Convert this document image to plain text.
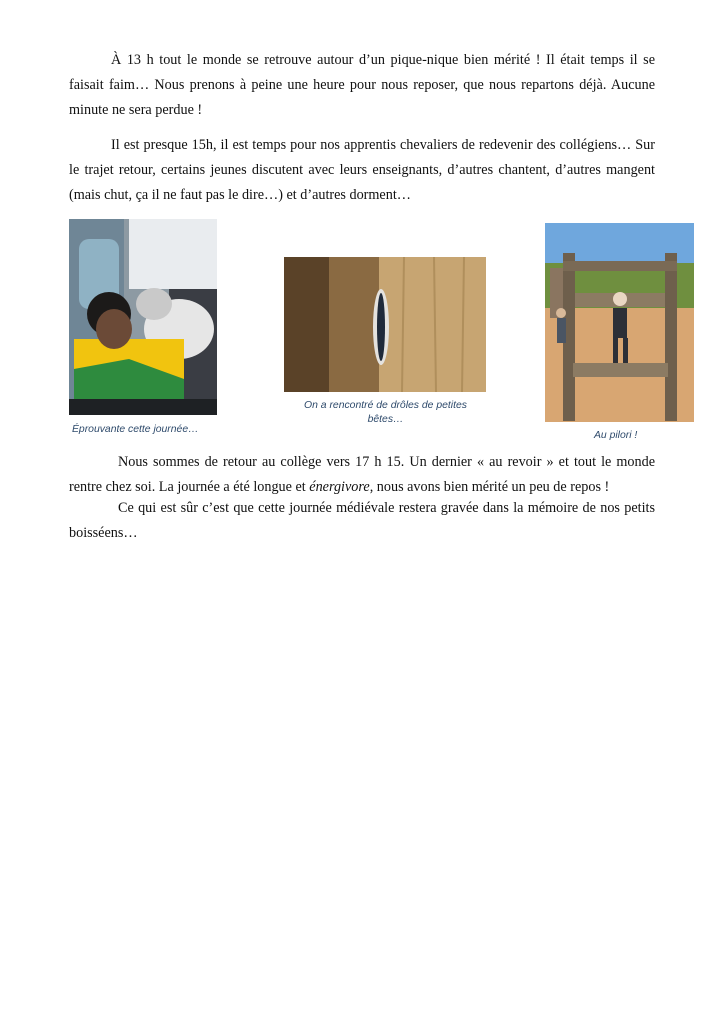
À 13 h tout le monde se retrouve autour d’un pique-nique bien mérité ! Il était temps il se faisait faim… Nous prenons à peine une heure pour nous reposer, que nous repartons déjà. Aucune minute ne sera perdue !

Il est presque 15h, il est temps pour nos apprentis chevaliers de redevenir des collégiens… Sur le trajet retour, certains jeunes discutent avec leurs enseignants, d’autres chantent, d’autres mangent (mais chut, ça il ne faut pas le dire…) et d’autres dorment…

Éprouvante cette journée…
On a rencontré de drôles de petites bêtes…
Au pilori !

Nous sommes de retour au collège vers 17 h 15. Un dernier « au revoir » et tout le monde rentre chez soi. La journée a été longue et énergivore, nous avons bien mérité un peu de repos !

Ce qui est sûr c’est que cette journée médiévale restera gravée dans la mémoire de nos petits boisséens…
